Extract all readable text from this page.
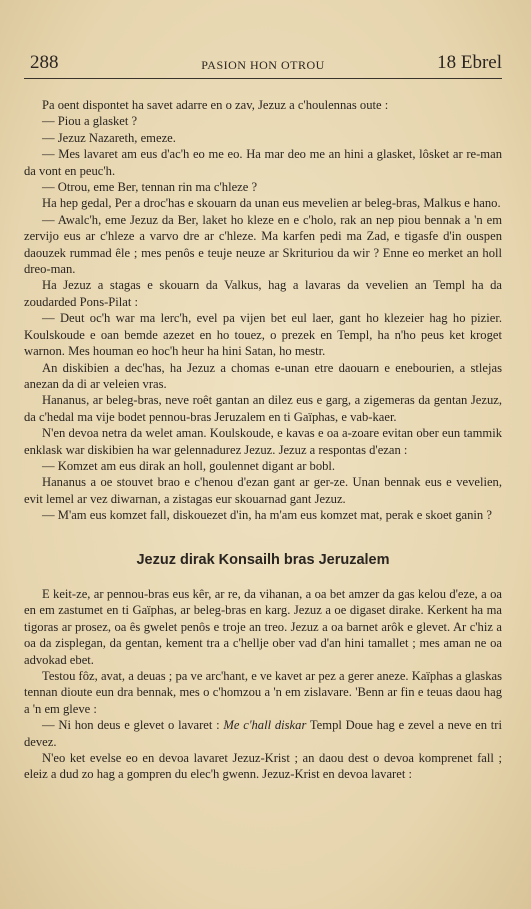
288	PASION HON OTROU	18 Ebrel

Pa oent dispontet ha savet adarre en o zav, Jezuz a c'houlennas oute :

— Piou a glasket ?

— Jezuz Nazareth, emeze.

— Mes lavaret am eus d'ac'h eo me eo. Ha mar deo me an hini a glasket, lôsket ar re-man da vont en peuc'h.

— Otrou, eme Ber, tennan rin ma c'hleze ?

Ha hep gedal, Per a droc'has e skouarn da unan eus mevelien ar beleg-bras, Malkus e hano.

— Awalc'h, eme Jezuz da Ber, laket ho kleze en e c'holo, rak an nep piou bennak a 'n em zervijo eus ar c'hleze a varvo dre ar c'hleze. Ma karfen pedi ma Zad, e tigasfe d'in ouspen daouzek rummad êle ; mes penôs e teuje neuze ar Skrituriou da wir ? Enne eo merket an holl dreo-man.

Ha Jezuz a stagas e skouarn da Valkus, hag a lavaras da vevelien an Templ ha da zoudarded Pons-Pilat :

— Deut oc'h war ma lerc'h, evel pa vijen bet eul laer, gant ho klezeier hag ho pizier. Koulskoude e oan bemde azezet en ho touez, o prezek en Templ, ha n'ho peus ket kroget warnon. Mes houman eo hoc'h heur ha hini Satan, ho mestr.

An diskibien a dec'has, ha Jezuz a chomas e-unan etre daouarn e enebourien, a stlejas anezan da di ar veleien vras.

Hananus, ar beleg-bras, neve roêt gantan an dilez eus e garg, a zigemeras da gentan Jezuz, da c'hedal ma vije bodet pennou-bras Jeruzalem en ti Gaïphas, e vab-kaer.

N'en devoa netra da welet aman. Koulskoude, e kavas e oa a-zoare evitan ober eun tammik enklask war diskibien ha war gelennadurez Jezuz. Jezuz a respontas d'ezan :

— Komzet am eus dirak an holl, goulennet digant ar bobl.

Hananus a oe stouvet brao e c'henou d'ezan gant ar ger-ze. Unan bennak eus e vevelien, evit lemel ar vez diwarnan, a zistagas eur skouarnad gant Jezuz.

— M'am eus komzet fall, diskouezet d'in, ha m'am eus komzet mat, perak e skoet ganin ?

Jezuz dirak Konsailh bras Jeruzalem

E keit-ze, ar pennou-bras eus kêr, ar re, da vihanan, a oa bet amzer da gas kelou d'eze, a oa en em zastumet en ti Gaïphas, ar beleg-bras en karg. Jezuz a oe digaset dirake. Kerkent ha ma tigoras ar prosez, oa ês gwelet penôs e troje an treo. Jezuz a oa barnet arôk e glevet. Ar c'hiz a oa da zisplegan, da gentan, kement tra a c'hellje ober vad d'an hini tamallet ; mes aman ne oa advokad ebet.

Testou fôz, avat, a deuas ; pa ve arc'hant, e ve kavet ar pez a gerer aneze. Kaïphas a glaskas tennan dioute eun dra bennak, mes o c'homzou a 'n em zislavare. 'Benn ar fin e teuas daou hag a 'n em gleve :

— Ni hon deus e glevet o lavaret : Me c'hall diskar Templ Doue hag e zevel a neve en tri devez.

N'eo ket evelse eo en devoa lavaret Jezuz-Krist ; an daou dest o devoa komprenet fall ; eleiz a dud zo hag a gompren du elec'h gwenn. Jezuz-Krist en devoa lavaret :
